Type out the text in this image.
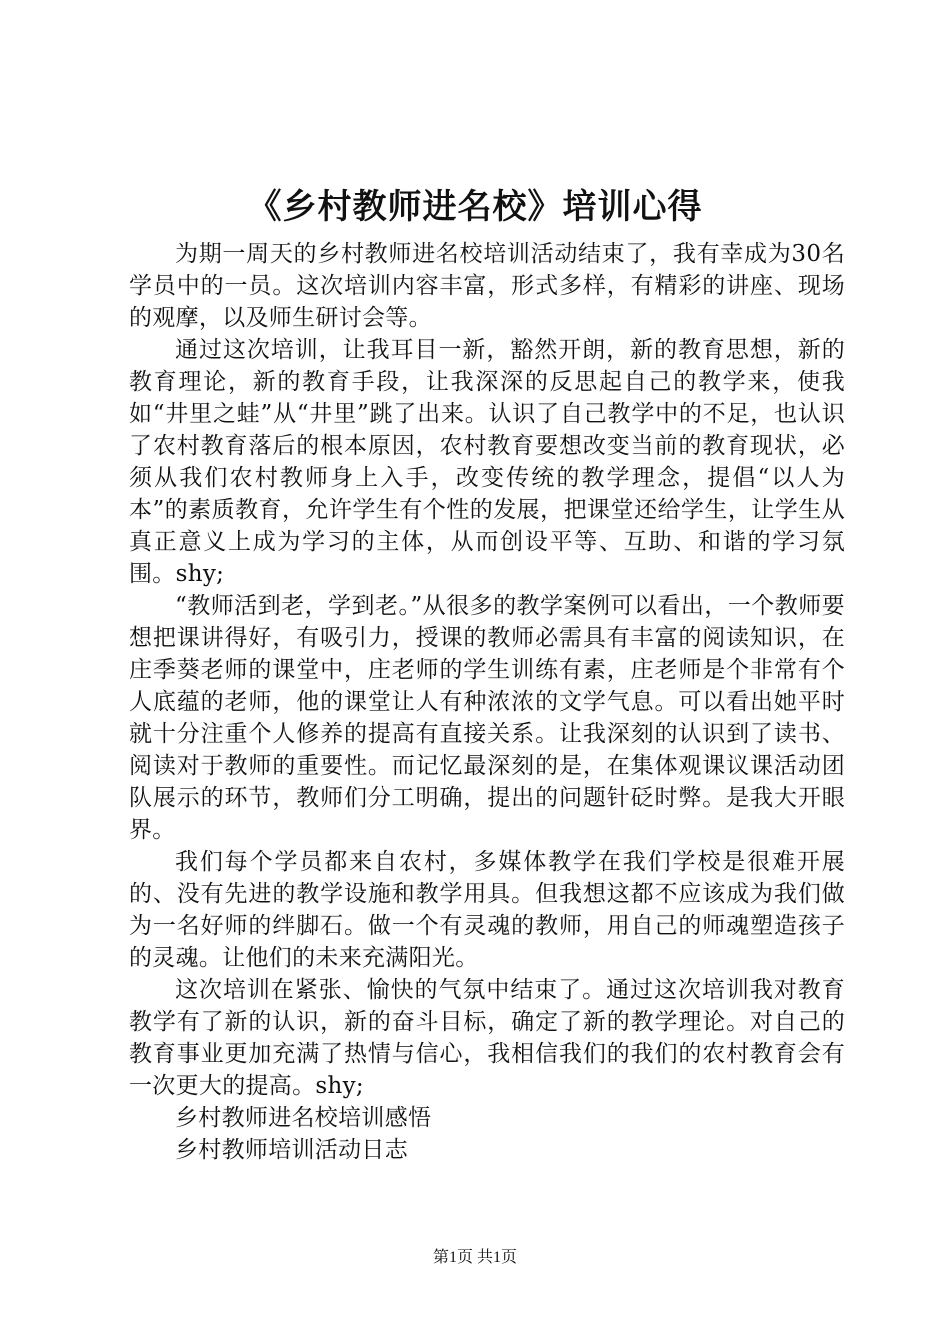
《乡村教师进名校》培训心得

为期一周天的乡村教师进名校培训活动结束了，我有幸成为30名学员中的一员。这次培训内容丰富，形式多样，有精彩的讲座、现场的观摩，以及师生研讨会等。

通过这次培训，让我耳目一新，豁然开朗，新的教育思想，新的教育理论，新的教育手段，让我深深的反思起自己的教学来，使我如“井里之蛙”从“井里”跳了出来。认识了自己教学中的不足，也认识了农村教育落后的根本原因，农村教育要想改变当前的教育现状，必须从我们农村教师身上入手，改变传统的教学理念，提倡“以人为本”的素质教育，允许学生有个性的发展，把课堂还给学生，让学生从真正意义上成为学习的主体，从而创设平等、互助、和谐的学习氛围。shy;

“教师活到老，学到老。”从很多的教学案例可以看出，一个教师要想把课讲得好，有吸引力，授课的教师必需具有丰富的阅读知识，在庄季葵老师的课堂中，庄老师的学生训练有素，庄老师是个非常有个人底蕴的老师，他的课堂让人有种浓浓的文学气息。可以看出她平时就十分注重个人修养的提高有直接关系。让我深刻的认识到了读书、阅读对于教师的重要性。而记忆最深刻的是，在集体观课议课活动团队展示的环节，教师们分工明确，提出的问题针砭时弊。是我大开眼界。

我们每个学员都来自农村，多媒体教学在我们学校是很难开展的、没有先进的教学设施和教学用具。但我想这都不应该成为我们做为一名好师的绊脚石。做一个有灵魂的教师，用自己的师魂塑造孩子的灵魂。让他们的未来充满阳光。

这次培训在紧张、愉快的气氛中结束了。通过这次培训我对教育教学有了新的认识，新的奋斗目标，确定了新的教学理论。对自己的教育事业更加充满了热情与信心，我相信我们的我们的农村教育会有一次更大的提高。shy;

乡村教师进名校培训感悟

乡村教师培训活动日志

第1页 共1页
